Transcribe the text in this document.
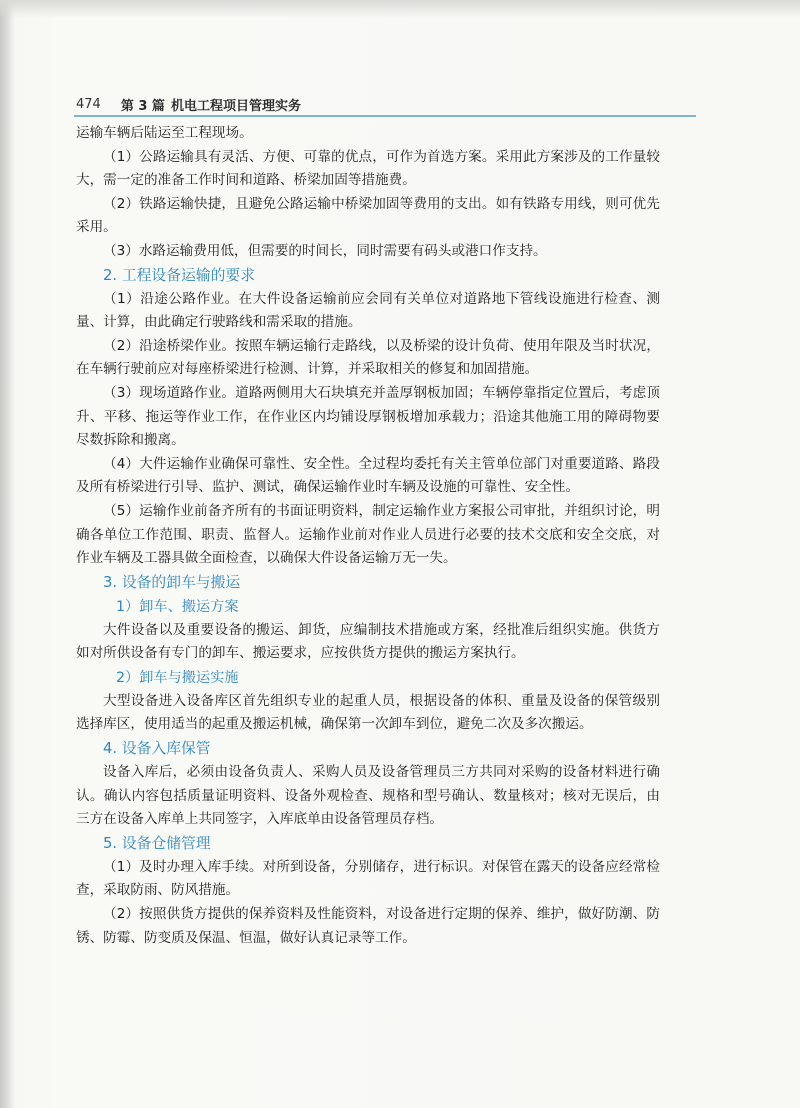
474 第 3 篇 机电工程项目管理实务

运输车辆后陆运至工程现场。

（1）公路运输具有灵活、方便、可靠的优点，可作为首选方案。采用此方案涉及的工作量较大，需一定的准备工作时间和道路、桥梁加固等措施费。

（2）铁路运输快捷，且避免公路运输中桥梁加固等费用的支出。如有铁路专用线，则可优先采用。

（3）水路运输费用低，但需要的时间长，同时需要有码头或港口作支持。

2. 工程设备运输的要求

（1）沿途公路作业。在大件设备运输前应会同有关单位对道路地下管线设施进行检查、测量、计算，由此确定行驶路线和需采取的措施。

（2）沿途桥梁作业。按照车辆运输行走路线，以及桥梁的设计负荷、使用年限及当时状况，在车辆行驶前应对每座桥梁进行检测、计算，并采取相关的修复和加固措施。

（3）现场道路作业。道路两侧用大石块填充并盖厚钢板加固；车辆停靠指定位置后，考虑顶升、平移、拖运等作业工作，在作业区内均铺设厚钢板增加承载力；沿途其他施工用的障碍物要尽数拆除和搬离。

（4）大件运输作业确保可靠性、安全性。全过程均委托有关主管单位部门对重要道路、路段及所有桥梁进行引导、监护、测试，确保运输作业时车辆及设施的可靠性、安全性。

（5）运输作业前备齐所有的书面证明资料，制定运输作业方案报公司审批，并组织讨论，明确各单位工作范围、职责、监督人。运输作业前对作业人员进行必要的技术交底和安全交底，对作业车辆及工器具做全面检查，以确保大件设备运输万无一失。

3. 设备的卸车与搬运

1）卸车、搬运方案

大件设备以及重要设备的搬运、卸货，应编制技术措施或方案，经批准后组织实施。供货方如对所供设备有专门的卸车、搬运要求，应按供货方提供的搬运方案执行。

2）卸车与搬运实施

大型设备进入设备库区首先组织专业的起重人员，根据设备的体积、重量及设备的保管级别选择库区，使用适当的起重及搬运机械，确保第一次卸车到位，避免二次及多次搬运。

4. 设备入库保管

设备入库后，必须由设备负责人、采购人员及设备管理员三方共同对采购的设备材料进行确认。确认内容包括质量证明资料、设备外观检查、规格和型号确认、数量核对；核对无误后，由三方在设备入库单上共同签字，入库底单由设备管理员存档。

5. 设备仓储管理

（1）及时办理入库手续。对所到设备，分别储存，进行标识。对保管在露天的设备应经常检查，采取防雨、防风措施。

（2）按照供货方提供的保养资料及性能资料，对设备进行定期的保养、维护，做好防潮、防锈、防霉、防变质及保温、恒温，做好认真记录等工作。
